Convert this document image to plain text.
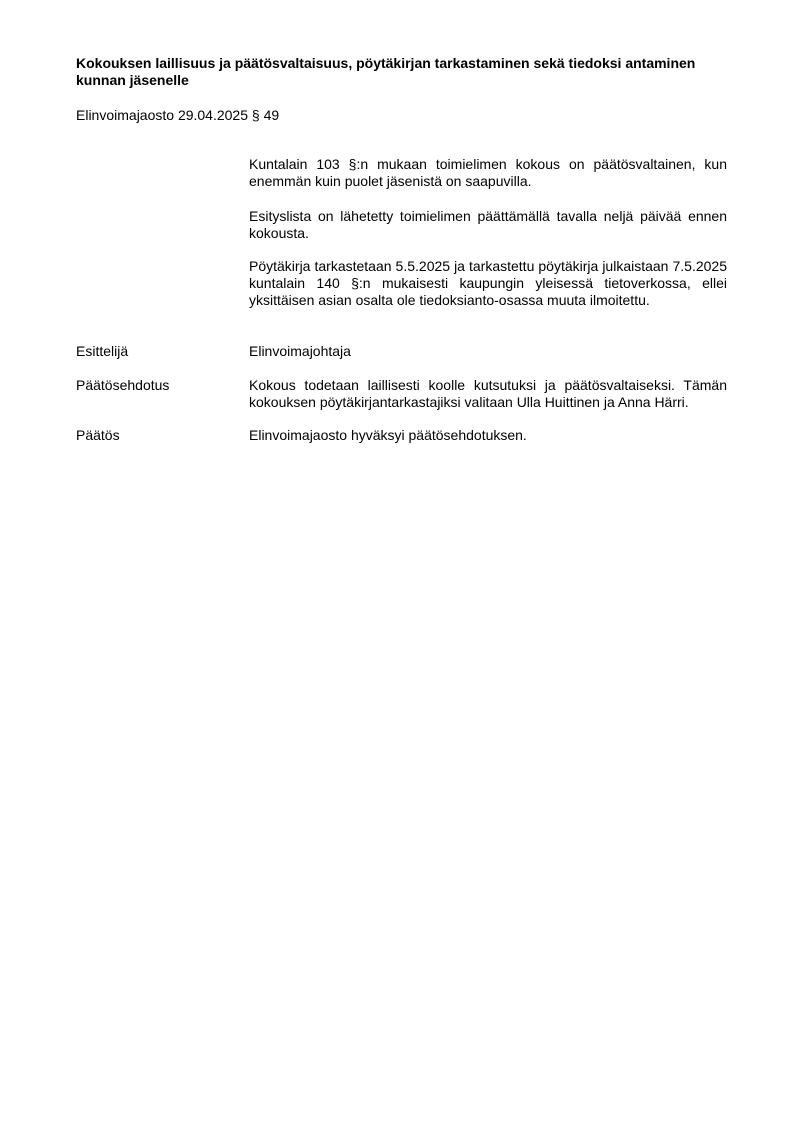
Kokouksen laillisuus ja päätösvaltaisuus, pöytäkirjan tarkastaminen sekä tiedoksi antaminen kunnan jäsenelle

Elinvoimajaosto 29.04.2025 § 49

Kuntalain 103 §:n mukaan toimielimen kokous on päätösvaltainen, kun enemmän kuin puolet jäsenistä on saapuvilla.

Esityslista on lähetetty toimielimen päättämällä tavalla neljä päivää ennen kokousta.

Pöytäkirja tarkastetaan 5.5.2025 ja tarkastettu pöytäkirja julkaistaan 7.5.2025 kuntalain 140 §:n mukaisesti kaupungin yleisessä tietoverkossa, ellei yksittäisen asian osalta ole tiedoksianto-osassa muuta ilmoitettu.

Esittelijä	Elinvoimajohtaja

Päätösehdotus	Kokous todetaan laillisesti koolle kutsutuksi ja päätösvaltaiseksi. Tämän kokouksen pöytäkirjantarkastajiksi valitaan Ulla Huittinen ja Anna Härri.

Päätös	Elinvoimajaosto hyväksyi päätösehdotuksen.
